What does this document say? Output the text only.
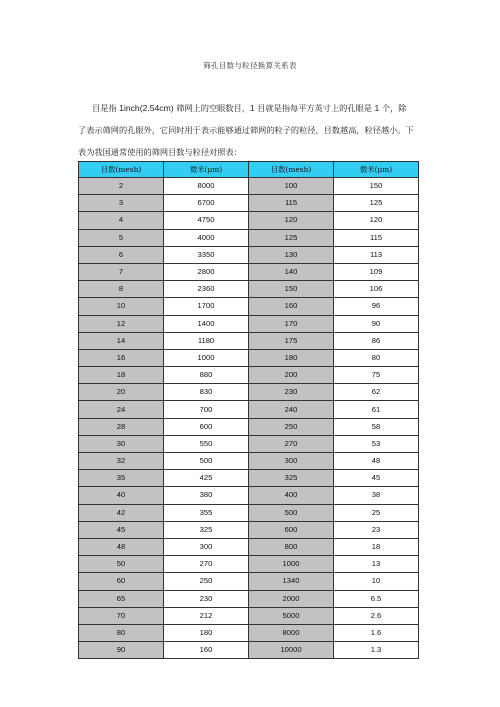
筛孔目数与粒径换算关系表
目是指 1inch(2.54cm) 筛网上的空眼数目，1 目就是指每平方英寸上的孔眼是 1 个，除
了表示筛网的孔眼外，它同时用于表示能够通过筛网的粒子的粒径，目数越高，粒径越小。下
表为我国通常使用的筛网目数与粒径对照表：
目数(mesh)	微米(μm)	目数(mesh)	微米(μm)
2	8000	100	150
3	6700	115	125
4	4750	120	120
5	4000	125	115
6	3350	130	113
7	2800	140	109
8	2360	150	106
10	1700	160	96
12	1400	170	90
14	1180	175	86
16	1000	180	80
18	880	200	75
20	830	230	62
24	700	240	61
28	600	250	58
30	550	270	53
32	500	300	48
35	425	325	45
40	380	400	38
42	355	500	25
45	325	600	23
48	300	800	18
50	270	1000	13
60	250	1340	10
65	230	2000	6.5
70	212	5000	2.6
80	180	8000	1.6
90	160	10000	1.3
